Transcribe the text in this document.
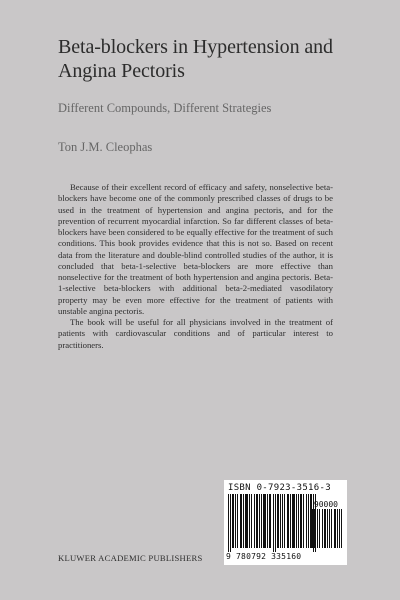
Beta-blockers in Hypertension and Angina Pectoris
Different Compounds, Different Strategies
Ton J.M. Cleophas

Because of their excellent record of efficacy and safety, nonselective beta-blockers have become one of the commonly prescribed classes of drugs to be used in the treatment of hypertension and angina pectoris, and for the prevention of recurrent myocardial infarction. So far different classes of beta-blockers have been considered to be equally effective for the treatment of such conditions. This book provides evidence that this is not so. Based on recent data from the literature and double-blind controlled studies of the author, it is concluded that beta-1-selective beta-blockers are more effective than nonselective for the treatment of both hypertension and angina pectoris. Beta-1-selective beta-blockers with additional beta-2-mediated vasodilatory property may be even more effective for the treatment of patients with unstable angina pectoris.

The book will be useful for all physicians involved in the treatment of patients with cardiovascular conditions and of particular interest to practitioners.

ISBN 0-7923-3516-3
90000
9 780792 335160
KLUWER ACADEMIC PUBLISHERS
